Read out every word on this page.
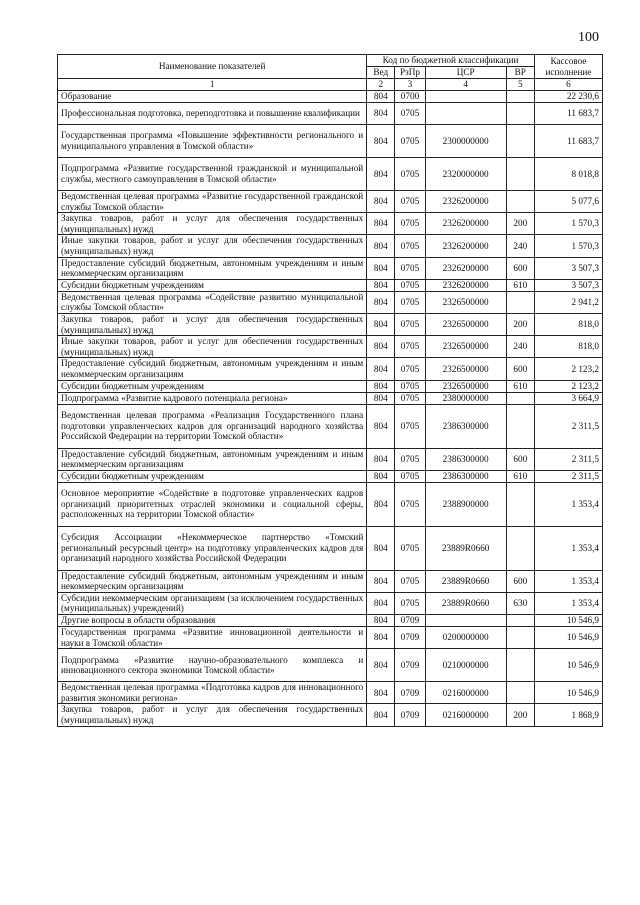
100
Наименование показателей	Код по бюджетной классификации				Кассовое исполнение
	Вед	РзПр	ЦСР	ВР	
1	2	3	4	5	6
Образование	804	0700			22 230,6
Профессиональная подготовка, переподготовка и повышение квалификации	804	0705			11 683,7
Государственная программа «Повышение эффективности регионального и муниципального управления в Томской области»	804	0705	2300000000		11 683,7
Подпрограмма «Развитие государственной гражданской и муниципальной службы, местного самоуправления в Томской области»	804	0705	2320000000		8 018,8
Ведомственная целевая программа «Развитие государственной гражданской службы Томской области»	804	0705	2326200000		5 077,6
Закупка товаров, работ и услуг для обеспечения государственных (муниципальных) нужд	804	0705	2326200000	200	1 570,3
Иные закупки товаров, работ и услуг для обеспечения государственных (муниципальных) нужд	804	0705	2326200000	240	1 570,3
Предоставление субсидий бюджетным, автономным учреждениям и иным некоммерческим организациям	804	0705	2326200000	600	3 507,3
Субсидии бюджетным учреждениям	804	0705	2326200000	610	3 507,3
Ведомственная целевая программа «Содействие развитию муниципальной службы Томской области»	804	0705	2326500000		2 941,2
Закупка товаров, работ и услуг для обеспечения государственных (муниципальных) нужд	804	0705	2326500000	200	818,0
Иные закупки товаров, работ и услуг для обеспечения государственных (муниципальных) нужд	804	0705	2326500000	240	818,0
Предоставление субсидий бюджетным, автономным учреждениям и иным некоммерческим организациям	804	0705	2326500000	600	2 123,2
Субсидии бюджетным учреждениям	804	0705	2326500000	610	2 123,2
Подпрограмма «Развитие кадрового потенциала региона»	804	0705	2380000000		3 664,9
Ведомственная целевая программа «Реализация Государственного плана подготовки управленческих кадров для организаций народного хозяйства Российской Федерации на территории Томской области»	804	0705	2386300000		2 311,5
Предоставление субсидий бюджетным, автономным учреждениям и иным некоммерческим организациям	804	0705	2386300000	600	2 311,5
Субсидии бюджетным учреждениям	804	0705	2386300000	610	2 311,5
Основное мероприятие «Содействие в подготовке управленческих кадров организаций приоритетных отраслей экономики и социальной сферы, расположенных на территории Томской области»	804	0705	2388900000		1 353,4
Субсидия Ассоциации «Некоммерческое партнерство «Томский региональный ресурсный центр» на подготовку управленческих кадров для организаций народного хозяйства Российской Федерации	804	0705	23889R0660		1 353,4
Предоставление субсидий бюджетным, автономным учреждениям и иным некоммерческим организациям	804	0705	23889R0660	600	1 353,4
Субсидии некоммерческим организациям (за исключением государственных (муниципальных) учреждений)	804	0705	23889R0660	630	1 353,4
Другие вопросы в области образования	804	0709			10 546,9
Государственная программа «Развитие инновационной деятельности и науки в Томской области»	804	0709	0200000000		10 546,9
Подпрограмма «Развитие научно-образовательного комплекса и инновационного сектора экономики Томской области»	804	0709	0210000000		10 546,9
Ведомственная целевая программа «Подготовка кадров для инновационного развития экономики региона»	804	0709	0216000000		10 546,9
Закупка товаров, работ и услуг для обеспечения государственных (муниципальных) нужд	804	0709	0216000000	200	1 868,9
